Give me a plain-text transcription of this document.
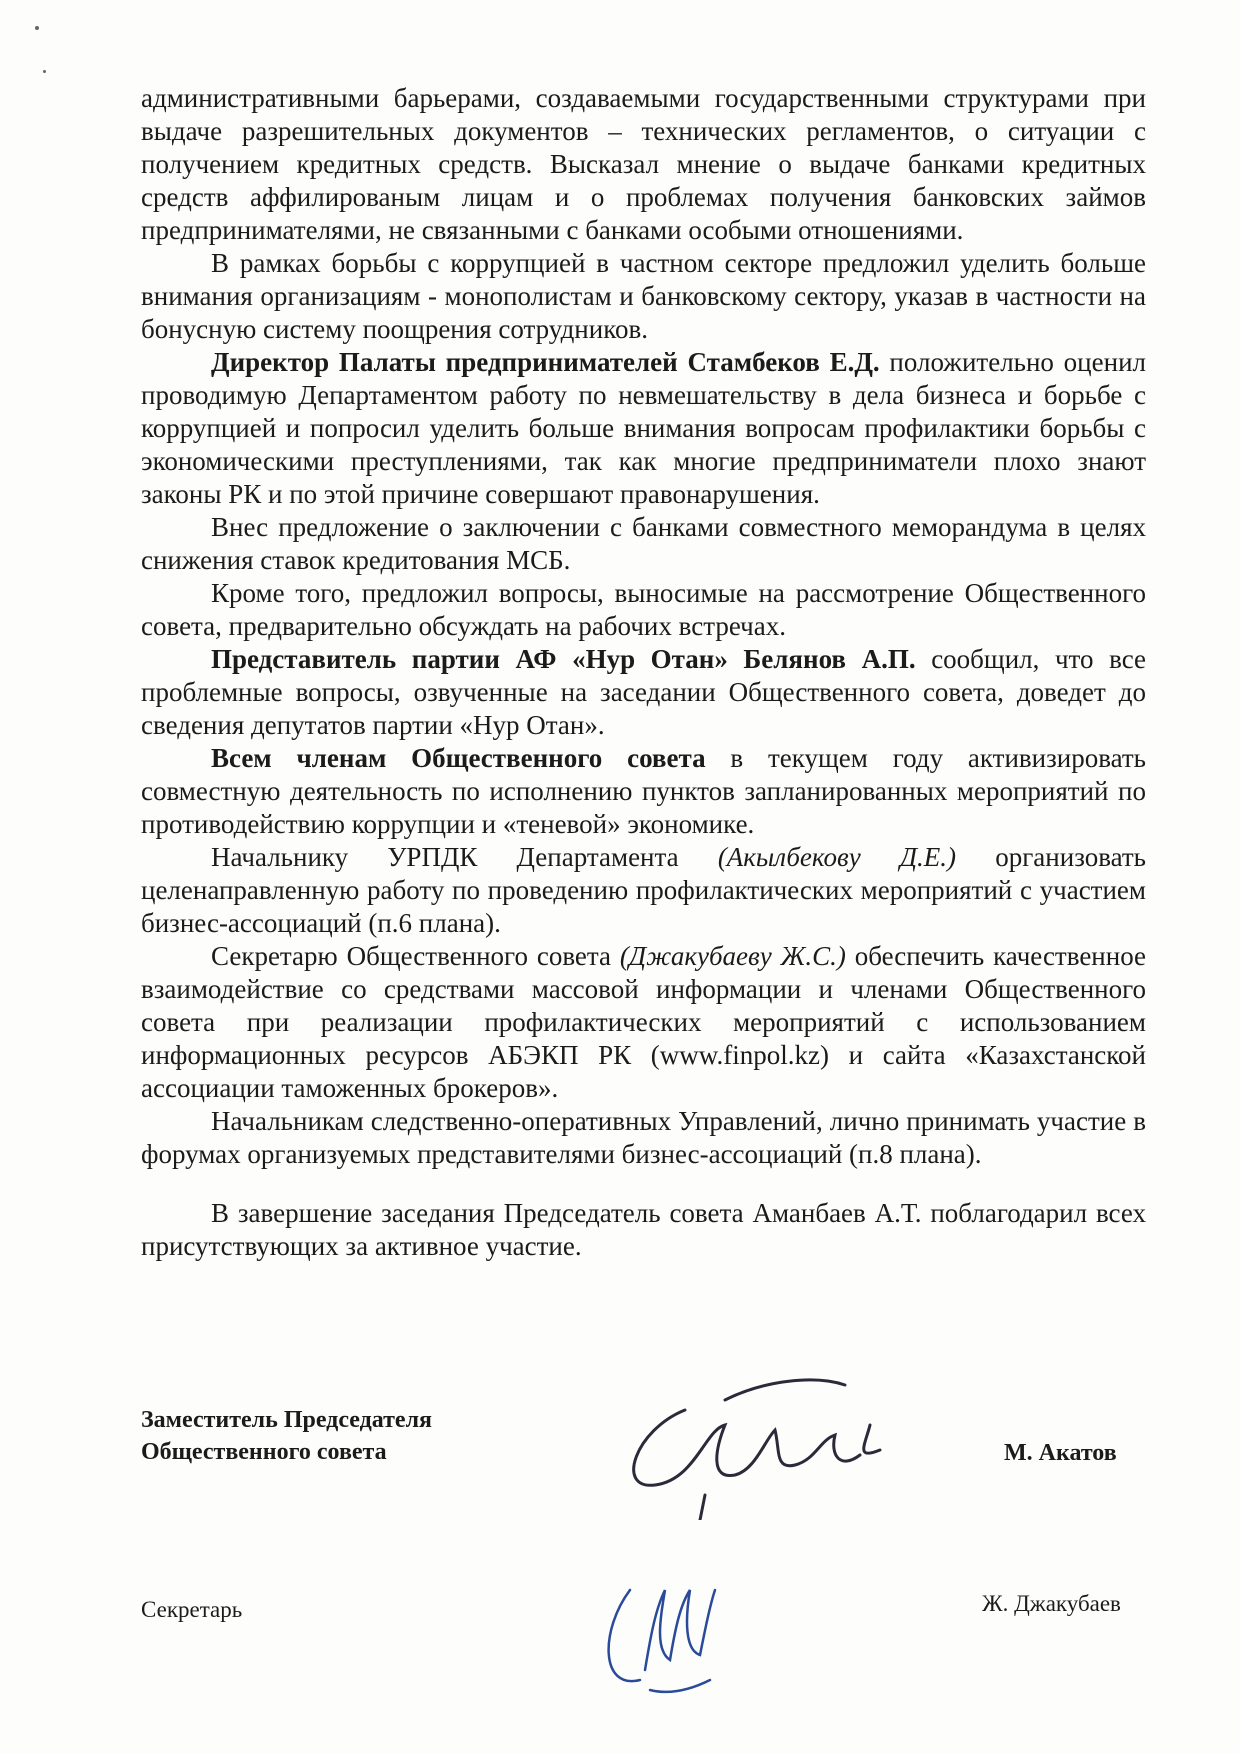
административными барьерами, создаваемыми государственными структурами при выдаче разрешительных документов – технических регламентов, о ситуации с получением кредитных средств. Высказал мнение о выдаче банками кредитных средств аффилированым лицам и о проблемах получения банковских займов предпринимателями, не связанными с банками особыми отношениями.

В рамках борьбы с коррупцией в частном секторе предложил уделить больше внимания организациям - монополистам и банковскому сектору, указав в частности на бонусную систему поощрения сотрудников.

Директор Палаты предпринимателей Стамбеков Е.Д. положительно оценил проводимую Департаментом работу по невмешательству в дела бизнеса и борьбе с коррупцией и попросил уделить больше внимания вопросам профилактики борьбы с экономическими преступлениями, так как многие предприниматели плохо знают законы РК и по этой причине совершают правонарушения.

Внес предложение о заключении с банками совместного меморандума в целях снижения ставок кредитования МСБ.

Кроме того, предложил вопросы, выносимые на рассмотрение Общественного совета, предварительно обсуждать на рабочих встречах.

Представитель партии АФ «Нур Отан» Белянов А.П. сообщил, что все проблемные вопросы, озвученные на заседании Общественного совета, доведет до сведения депутатов партии «Нур Отан».

Всем членам Общественного совета в текущем году активизировать совместную деятельность по исполнению пунктов запланированных мероприятий по противодействию коррупции и «теневой» экономике.

Начальнику УРПДК Департамента (Акылбекову Д.Е.) организовать целенаправленную работу по проведению профилактических мероприятий с участием бизнес-ассоциаций (п.6 плана).

Секретарю Общественного совета (Джакубаеву Ж.С.) обеспечить качественное взаимодействие со средствами массовой информации и членами Общественного совета при реализации профилактических мероприятий с использованием информационных ресурсов АБЭКП РК (www.finpol.kz) и сайта «Казахстанской ассоциации таможенных брокеров».

Начальникам следственно-оперативных Управлений, лично принимать участие в форумах организуемых представителями бизнес-ассоциаций (п.8 плана).

В завершение заседания Председатель совета Аманбаев А.Т. поблагодарил всех присутствующих за активное участие.

Заместитель Председателя
Общественного совета	М. Акатов
Секретарь	Ж. Джакубаев
